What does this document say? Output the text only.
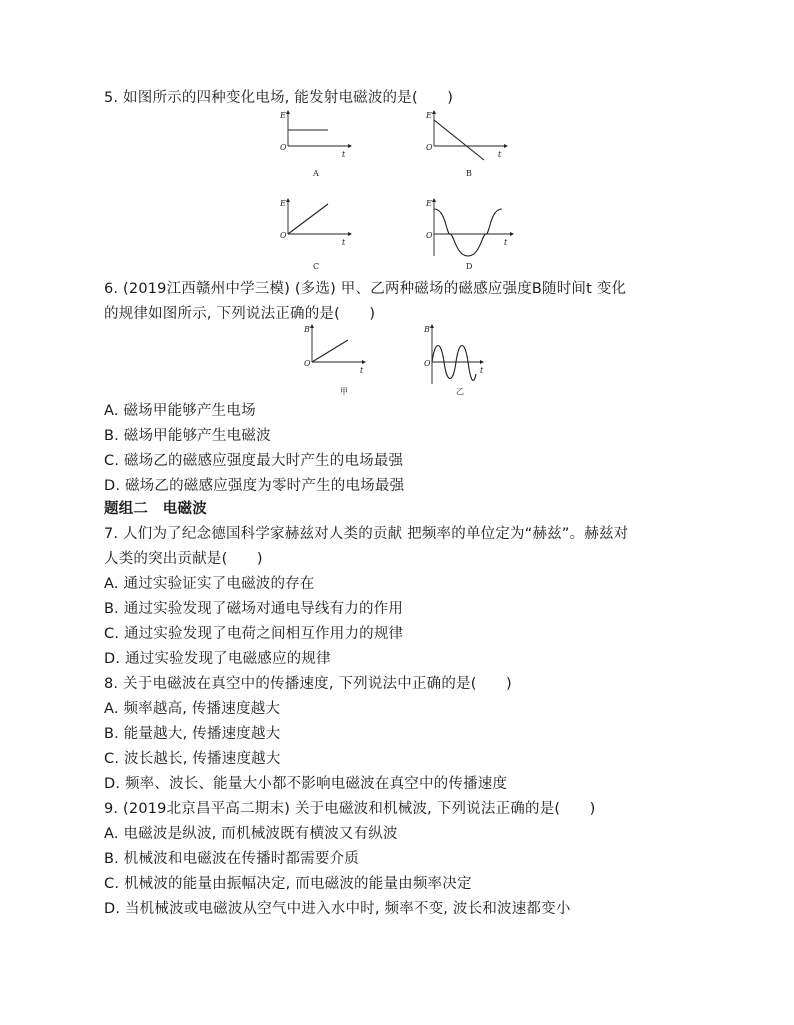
5. 如图所示的四种变化电场, 能发射电磁波的是(　　)
E
O
t
A
E
O
t
B
E
O
t
C
E
O
t
D
6. (2019江西赣州中学三模) (多选) 甲、乙两种磁场的磁感应强度B随时间t 变化
的规律如图所示, 下列说法正确的是(　　)
B
O
t
甲
B
O
t
乙
A. 磁场甲能够产生电场
B. 磁场甲能够产生电磁波
C. 磁场乙的磁感应强度最大时产生的电场最强
D. 磁场乙的磁感应强度为零时产生的电场最强
题组二　电磁波
7. 人们为了纪念德国科学家赫兹对人类的贡献 把频率的单位定为“赫兹”。赫兹对
人类的突出贡献是(　　)
A. 通过实验证实了电磁波的存在
B. 通过实验发现了磁场对通电导线有力的作用
C. 通过实验发现了电荷之间相互作用力的规律
D. 通过实验发现了电磁感应的规律
8. 关于电磁波在真空中的传播速度, 下列说法中正确的是(　　)
A. 频率越高, 传播速度越大
B. 能量越大, 传播速度越大
C. 波长越长, 传播速度越大
D. 频率、波长、能量大小都不影响电磁波在真空中的传播速度
9. (2019北京昌平高二期末) 关于电磁波和机械波, 下列说法正确的是(　　)
A. 电磁波是纵波, 而机械波既有横波又有纵波
B. 机械波和电磁波在传播时都需要介质
C. 机械波的能量由振幅决定, 而电磁波的能量由频率决定
D. 当机械波或电磁波从空气中进入水中时, 频率不变, 波长和波速都变小
